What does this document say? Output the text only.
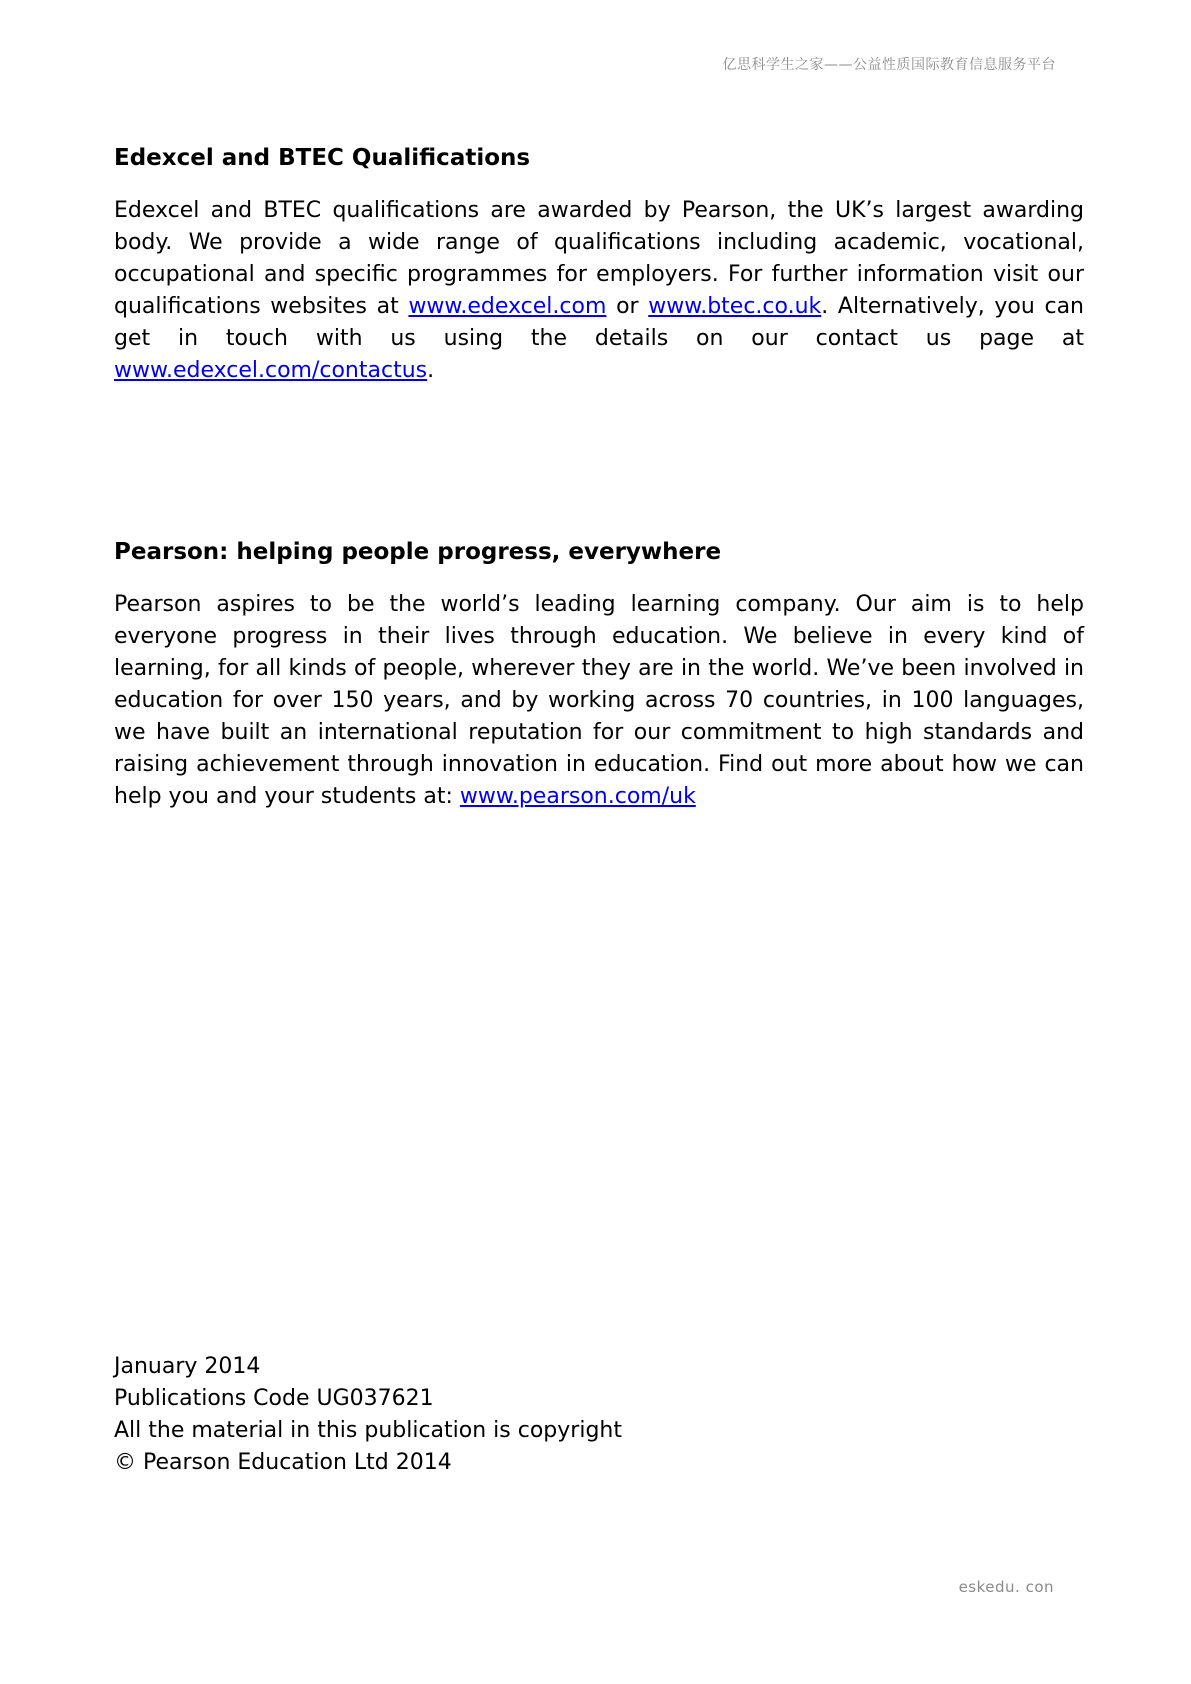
亿思科学生之家——公益性质国际教育信息服务平台
Edexcel and BTEC Qualifications

Edexcel and BTEC qualifications are awarded by Pearson, the UK’s largest awarding body. We provide a wide range of qualifications including academic, vocational, occupational and specific programmes for employers. For further information visit our qualifications websites at www.edexcel.com or www.btec.co.uk. Alternatively, you can get in touch with us using the details on our contact us page at www.edexcel.com/contactus.

Pearson: helping people progress, everywhere

Pearson aspires to be the world’s leading learning company. Our aim is to help everyone progress in their lives through education. We believe in every kind of learning, for all kinds of people, wherever they are in the world. We’ve been involved in education for over 150 years, and by working across 70 countries, in 100 languages, we have built an international reputation for our commitment to high standards and raising achievement through innovation in education. Find out more about how we can help you and your students at: www.pearson.com/uk

January 2014
Publications Code UG037621
All the material in this publication is copyright
© Pearson Education Ltd 2014
eskedu. con
